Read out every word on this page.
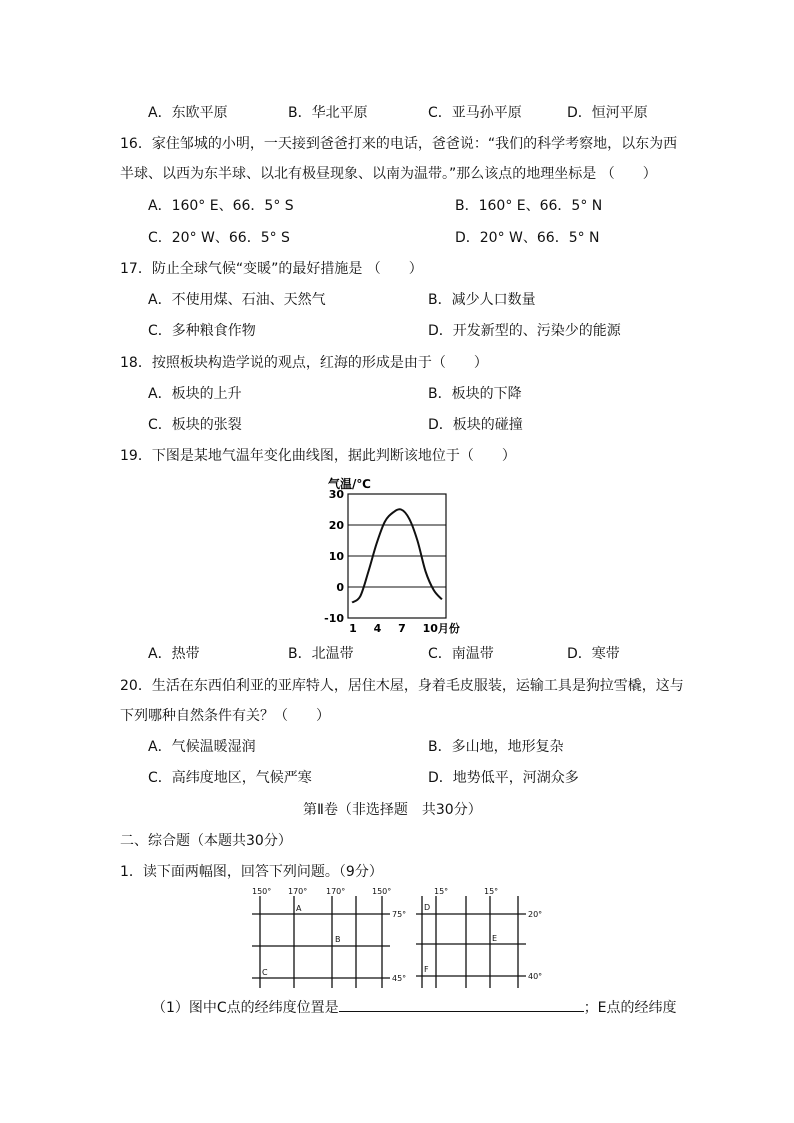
A．东欧平原	B．华北平原	C．亚马孙平原	D．恒河平原
16．家住邹城的小明，一天接到爸爸打来的电话，爸爸说：“我们的科学考察地，以东为西
半球、以西为东半球、以北有极昼现象、以南为温带。”那么该点的地理坐标是 （　　）
A．160° E、66．5° S	B．160° E、66．5° N
C．20° W、66．5° S	D．20° W、66．5° N
17．防止全球气候“变暖”的最好措施是 （　　）
A．不使用煤、石油、天然气	B．减少人口数量
C．多种粮食作物	D．开发新型的、污染少的能源
18．按照板块构造学说的观点，红海的形成是由于（　　）
A．板块的上升	B．板块的下降
C．板块的张裂	D．板块的碰撞
19．下图是某地气温年变化曲线图，据此判断该地位于（　　）
气温/℃
30
20
10
0
-10
1 4 7 10月份
A．热带	B．北温带	C．南温带	D．寒带
20．生活在东西伯利亚的亚库特人，居住木屋，身着毛皮服装，运输工具是狗拉雪橇，这与
下列哪种自然条件有关？（　　）
A．气候温暖湿润	B．多山地，地形复杂
C．高纬度地区，气候严寒	D．地势低平，河湖众多
第Ⅱ卷（非选择题　共30分）
二、综合题（本题共30分）
1．读下面两幅图，回答下列问题。（9分）
150° 170° 170°	150°
75°
45°
A
B
C
15°	15°
20°
40°
D
E
F
（1）图中C点的经纬度位置是	；E点的经纬度
